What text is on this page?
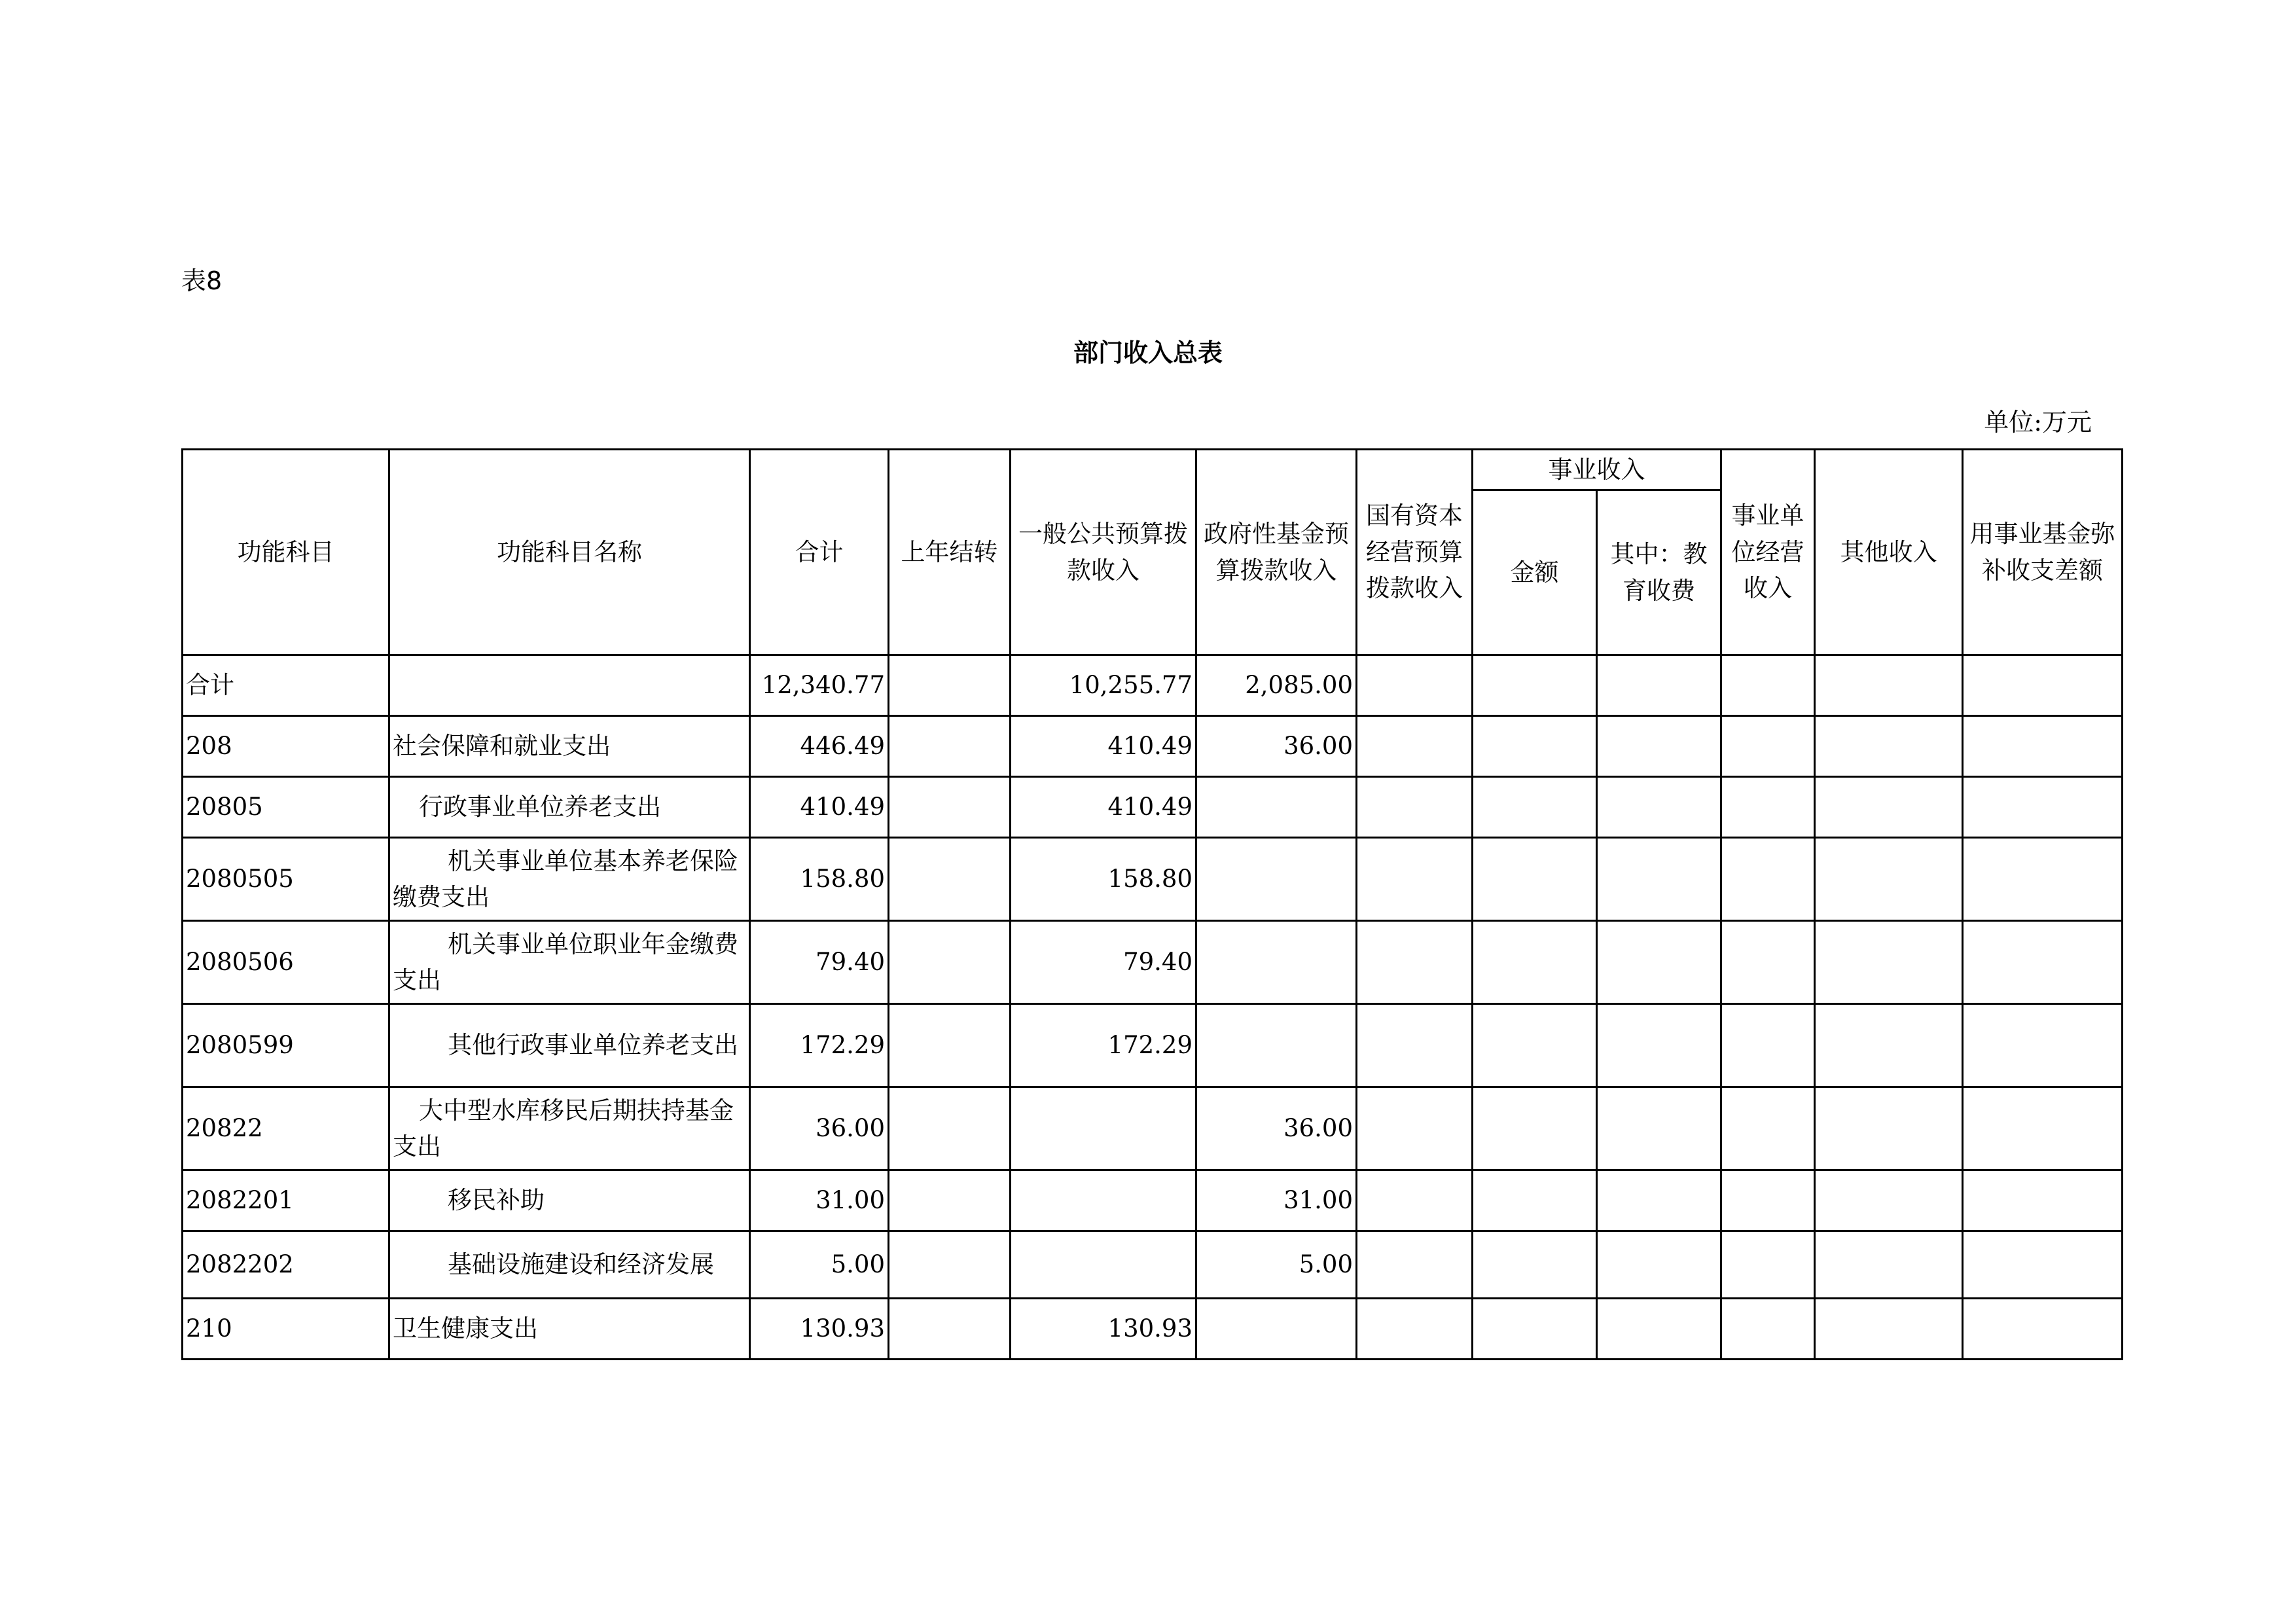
表8
部门收入总表
单位:万元
功能科目	功能科目名称	合计	上年结转	一般公共预算拨款收入	政府性基金预算拨款收入	国有资本经营预算拨款收入	事业收入		事业单位经营收入	其他收入	用事业基金弥补收支差额
							金额	其中：教育收费			
合计		12,340.77		10,255.77	2,085.00						
208	社会保障和就业支出	446.49		410.49	36.00						
20805	行政事业单位养老支出	410.49		410.49							
2080505	机关事业单位基本养老保险缴费支出	158.80		158.80							
2080506	机关事业单位职业年金缴费支出	79.40		79.40							
2080599	其他行政事业单位养老支出	172.29		172.29							
20822	大中型水库移民后期扶持基金支出	36.00			36.00						
2082201	移民补助	31.00			31.00						
2082202	基础设施建设和经济发展	5.00			5.00						
210	卫生健康支出	130.93		130.93							
